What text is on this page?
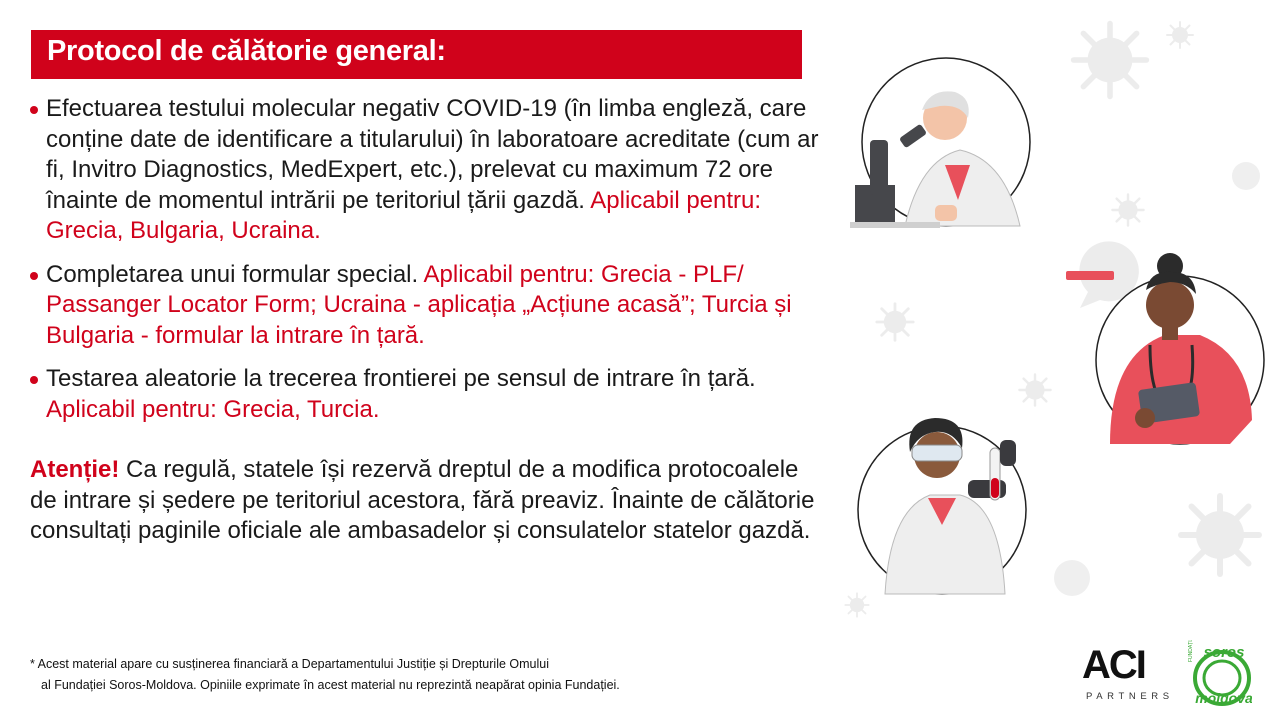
Protocol de călătorie general:
Efectuarea testului molecular negativ COVID-19 (în limba engleză, care conține date de identificare a titularului) în laboratoare acreditate (cum ar fi, Invitro Diagnostics, MedExpert, etc.), prelevat cu maximum 72 ore înainte de momentul intrării pe teritoriul țării gazdă. Aplicabil pentru: Grecia, Bulgaria, Ucraina.
Completarea unui formular special. Aplicabil pentru: Grecia - PLF/ Passanger Locator Form; Ucraina - aplicația „Acțiune acasă”; Turcia și Bulgaria - formular la intrare în țară.
Testarea aleatorie la trecerea frontierei pe sensul de intrare în țară. Aplicabil pentru: Grecia, Turcia.
Atenție! Ca regulă, statele își rezervă dreptul de a modifica protocoalele de intrare și ședere pe teritoriul acestora, fără preaviz. Înainte de călătorie consultați paginile oficiale ale ambasadelor și consulatelor statelor gazdă.
* Acest material apare cu susținerea financiară a Departamentului Justiție și Drepturile Omului
al Fundației Soros-Moldova. Opiniile exprimate în acest material nu reprezintă neapărat opinia Fundației.	ACI
PARTNERS
soros
moldova
FUNDAȚIA
